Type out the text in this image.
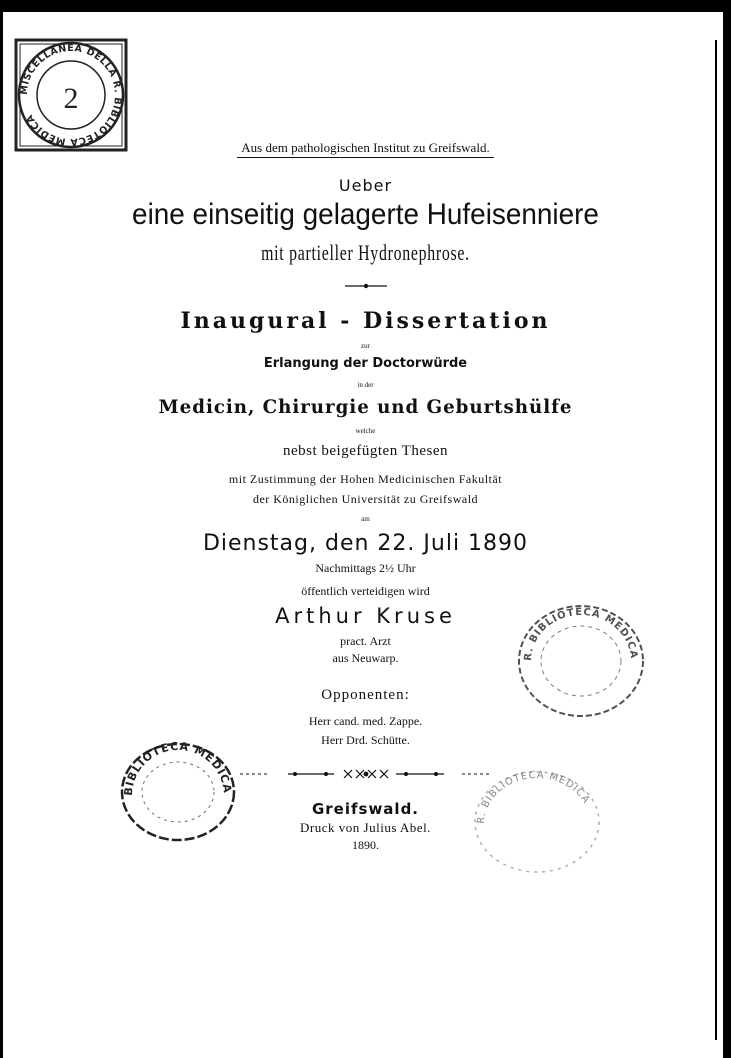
MISCELLANEA DELLA R. BIBLIOTECA MEDICA
2

Aus dem pathologischen Institut zu Greifswald.

Ueber

eine einseitig gelagerte Hufeisenniere

mit partieller Hydronephrose.

Inaugural - Dissertation

zur

Erlangung der Doctorwürde

in der

Medicin, Chirurgie und Geburtshülfe

welche

nebst beigefügten Thesen

mit Zustimmung der Hohen Medicinischen Fakultät

der Königlichen Universität zu Greifswald

am

Dienstag, den 22. Juli 1890

Nachmittags 2½ Uhr

öffentlich verteidigen wird

Arthur Kruse

pract. Arzt

aus Neuwarp.

Opponenten:

Herr cand. med. Zappe.

Herr Drd. Schütte.

Greifswald.

Druck von Julius Abel.

1890.

R. BIBLIOTECA MEDICA
BIBLIOTECA MEDICA
R. BIBLIOTECA MEDICA
